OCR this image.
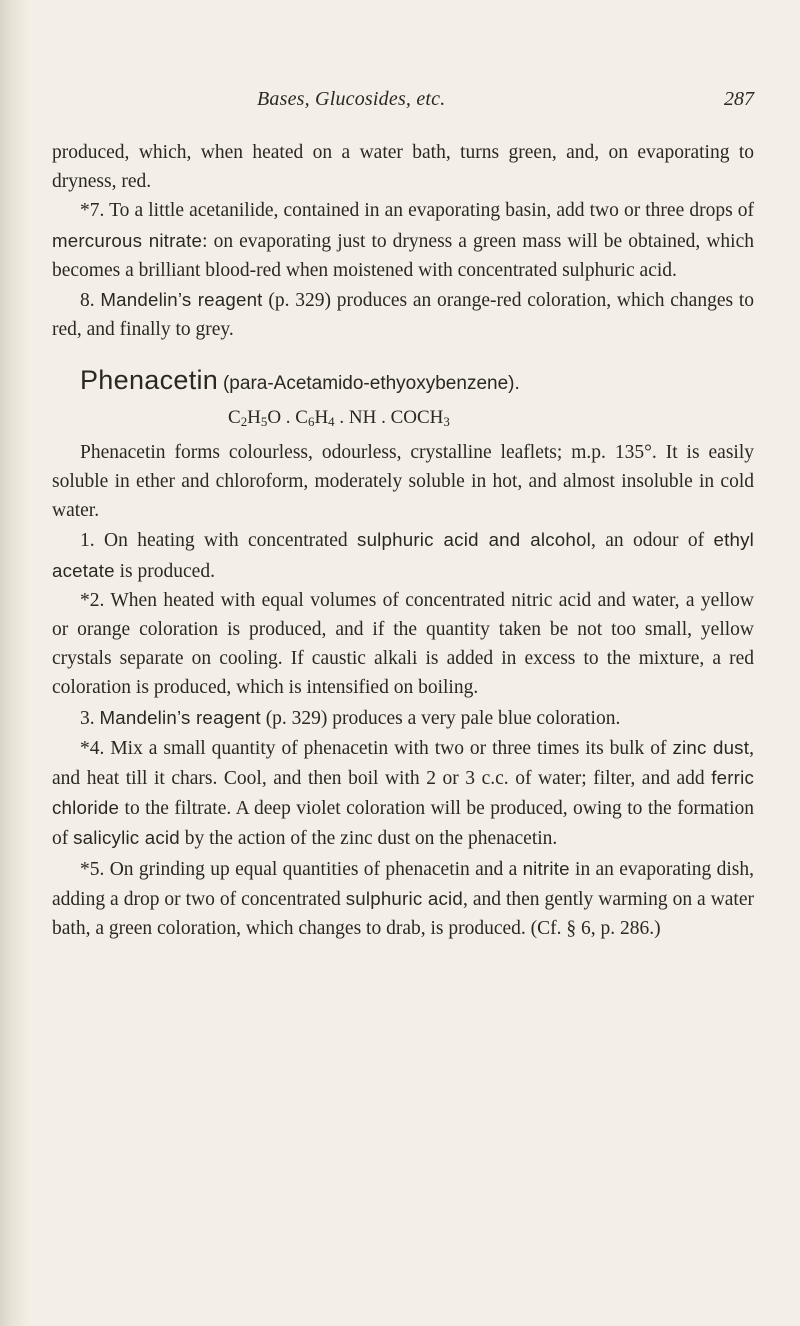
Bases, Glucosides, etc.	287

produced, which, when heated on a water bath, turns green, and, on evaporating to dryness, red.

*7. To a little acetanilide, contained in an evaporating basin, add two or three drops of mercurous nitrate: on evaporating just to dryness a green mass will be obtained, which becomes a brilliant blood-red when moistened with concentrated sulphuric acid.

8. Mandelin’s reagent (p. 329) produces an orange-red coloration, which changes to red, and finally to grey.

Phenacetin (para-Acetamido-ethyoxybenzene).
$C_2H_5O$ . $C_6H_4$ . NH . $COCH_3$

Phenacetin forms colourless, odourless, crystalline leaflets; m.p. 135°. It is easily soluble in ether and chloroform, moderately soluble in hot, and almost insoluble in cold water.

1. On heating with concentrated sulphuric acid and alcohol, an odour of ethyl acetate is produced.

*2. When heated with equal volumes of concentrated nitric acid and water, a yellow or orange coloration is produced, and if the quantity taken be not too small, yellow crystals separate on cooling. If caustic alkali is added in excess to the mixture, a red coloration is produced, which is intensified on boiling.

3. Mandelin’s reagent (p. 329) produces a very pale blue coloration.

*4. Mix a small quantity of phenacetin with two or three times its bulk of zinc dust, and heat till it chars. Cool, and then boil with 2 or 3 c.c. of water; filter, and add ferric chloride to the filtrate. A deep violet coloration will be produced, owing to the formation of salicylic acid by the action of the zinc dust on the phenacetin.

*5. On grinding up equal quantities of phenacetin and a nitrite in an evaporating dish, adding a drop or two of concentrated sulphuric acid, and then gently warming on a water bath, a green coloration, which changes to drab, is produced. (Cf. § 6, p. 286.)
